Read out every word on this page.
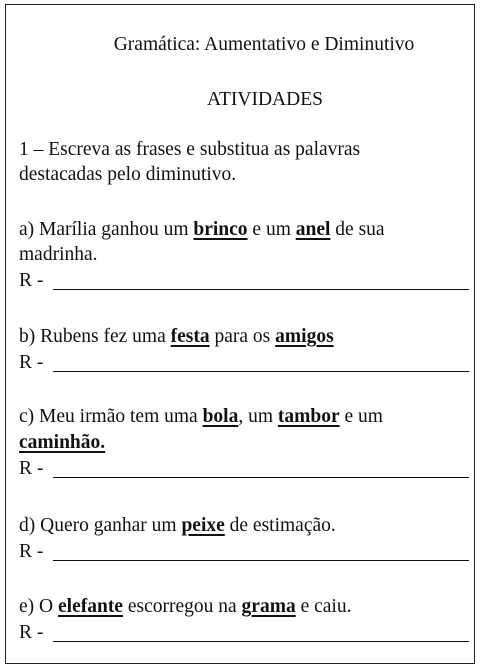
Gramática: Aumentativo e Diminutivo
ATIVIDADES
1 – Escreva as frases e substitua as palavras
destacadas pelo diminutivo.
a) Marília ganhou um brinco e um anel de sua
madrinha.
R -
b) Rubens fez uma festa para os amigos
R -
c) Meu irmão tem uma bola, um tambor e um
caminhão.
R -
d) Quero ganhar um peixe de estimação.
R -
e) O elefante escorregou na grama e caiu.
R -
